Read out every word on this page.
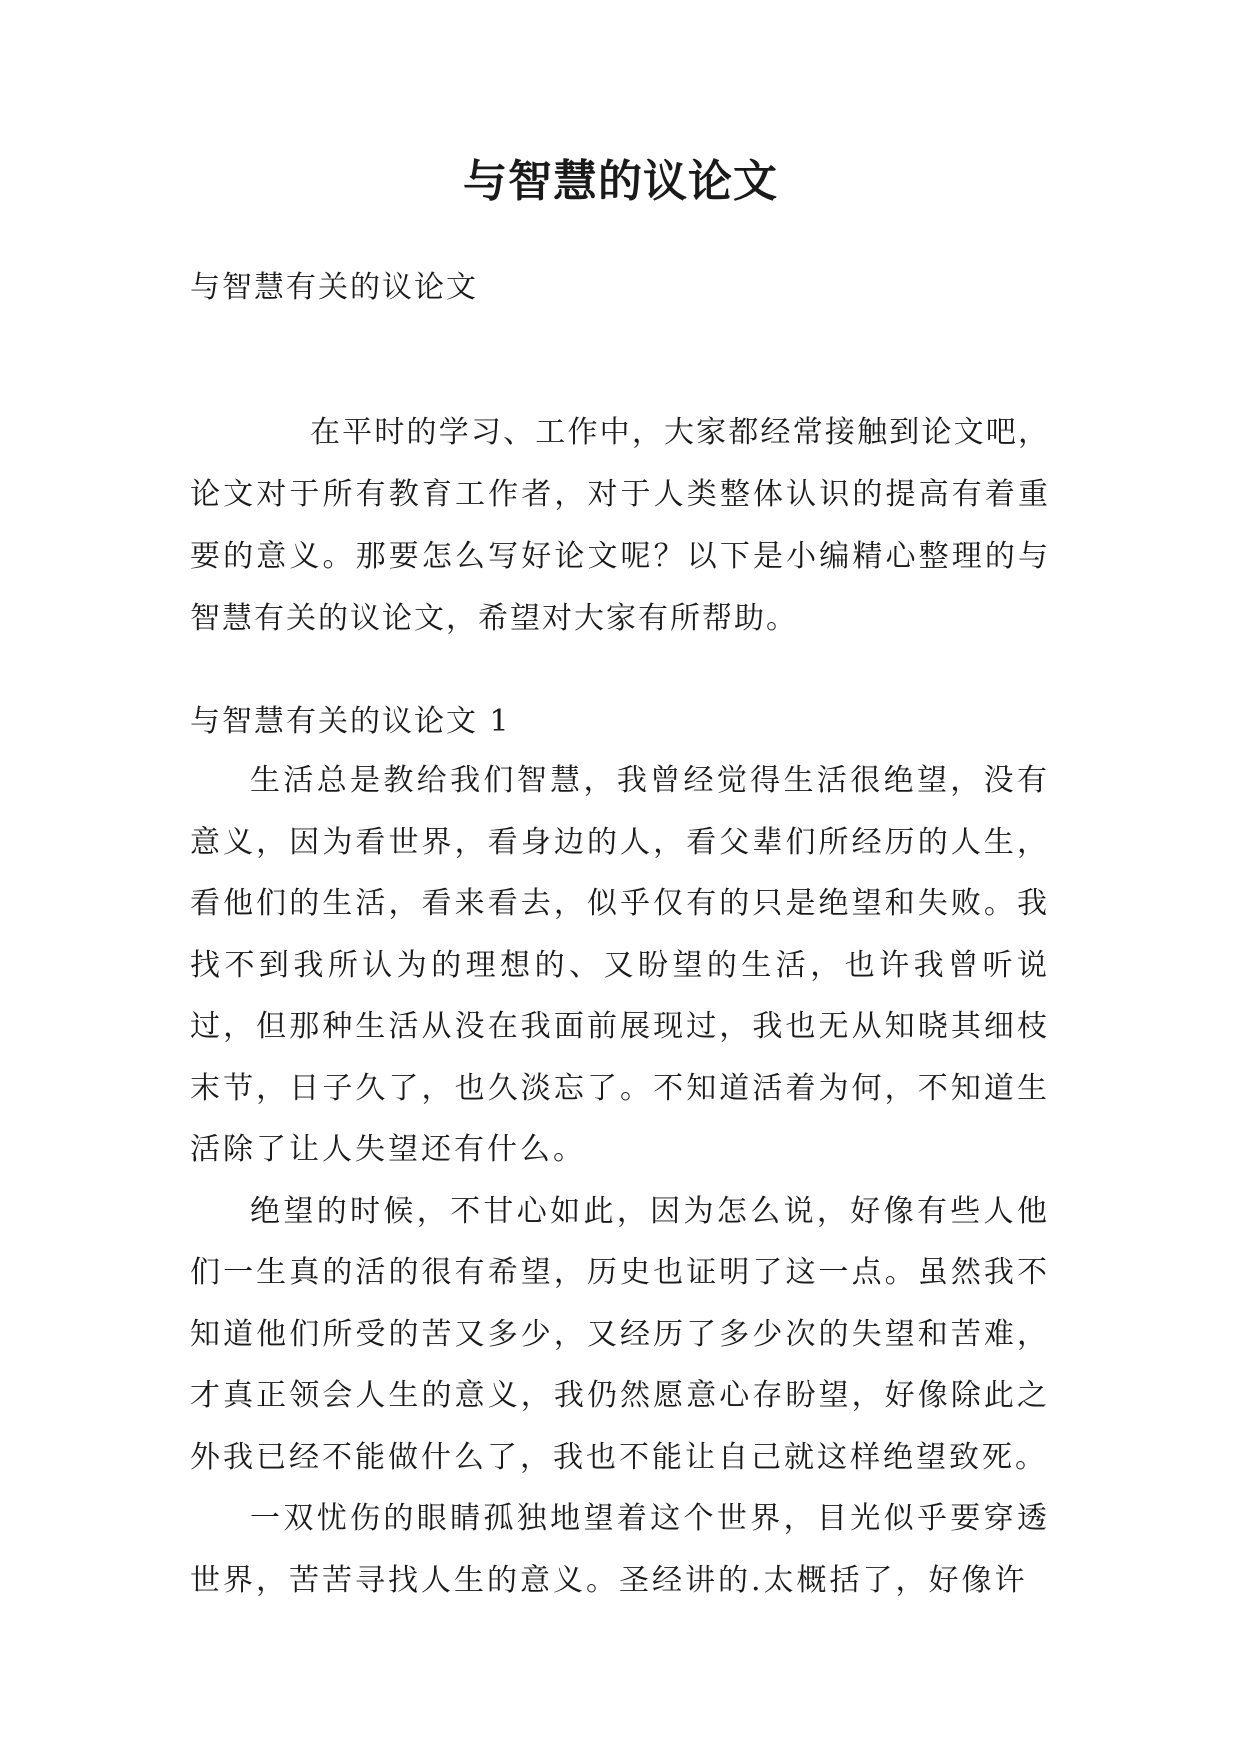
与智慧的议论文

与智慧有关的议论文

在平时的学习、工作中，大家都经常接触到论文吧，论文对于所有教育工作者，对于人类整体认识的提高有着重要的意义。那要怎么写好论文呢？以下是小编精心整理的与智慧有关的议论文，希望对大家有所帮助。

与智慧有关的议论文 1

生活总是教给我们智慧，我曾经觉得生活很绝望，没有意义，因为看世界，看身边的人，看父辈们所经历的人生，看他们的生活，看来看去，似乎仅有的只是绝望和失败。我找不到我所认为的理想的、又盼望的生活，也许我曾听说过，但那种生活从没在我面前展现过，我也无从知晓其细枝末节，日子久了，也久淡忘了。不知道活着为何，不知道生活除了让人失望还有什么。

绝望的时候，不甘心如此，因为怎么说，好像有些人他们一生真的活的很有希望，历史也证明了这一点。虽然我不知道他们所受的苦又多少，又经历了多少次的失望和苦难，才真正领会人生的意义，我仍然愿意心存盼望，好像除此之外我已经不能做什么了，我也不能让自己就这样绝望致死。

一双忧伤的眼睛孤独地望着这个世界，目光似乎要穿透世界，苦苦寻找人生的意义。圣经讲的.太概括了，好像许
